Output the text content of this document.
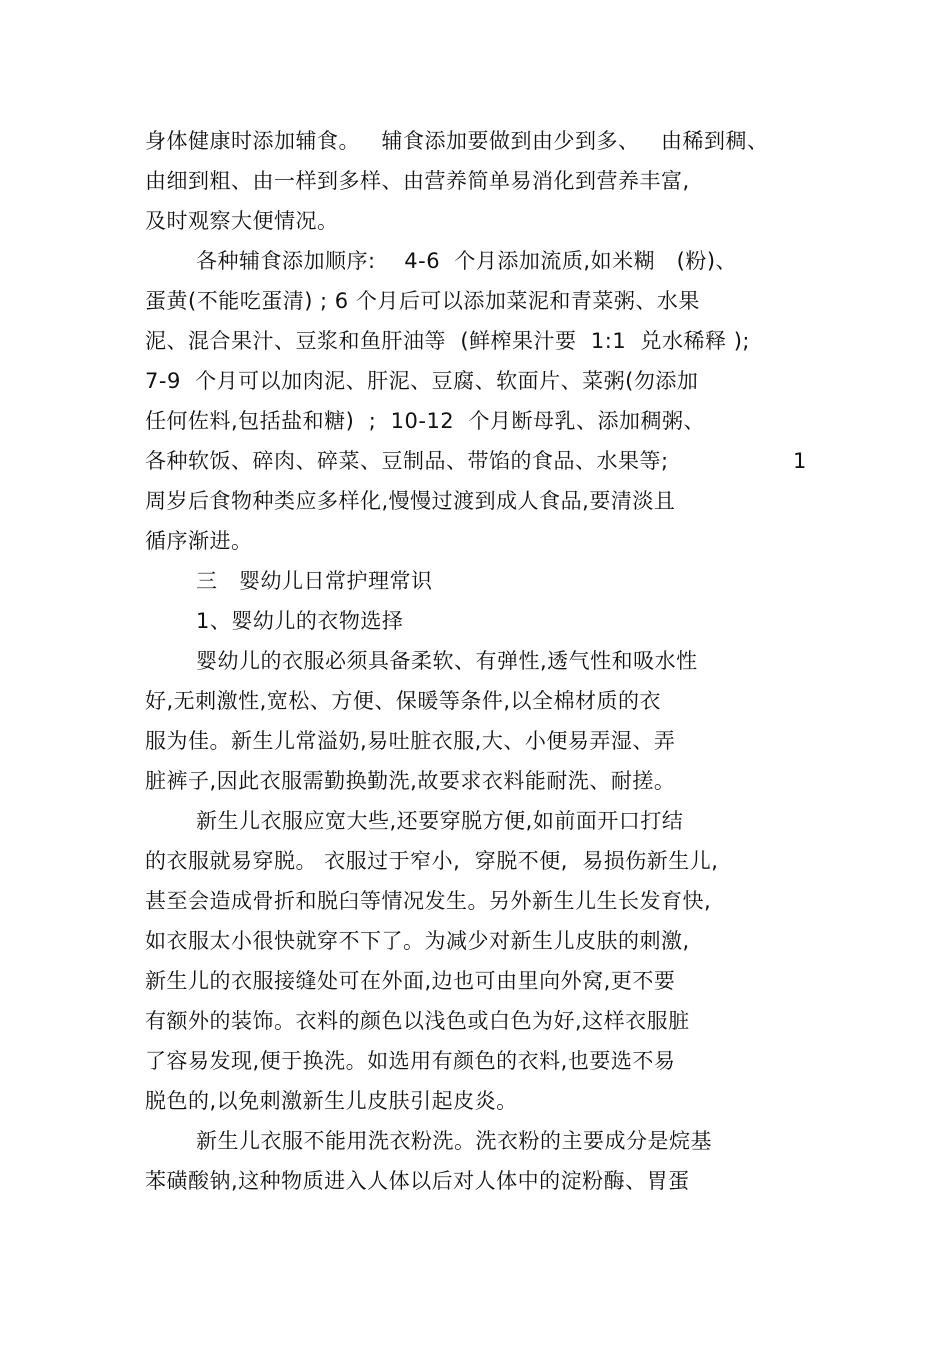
身体健康时添加辅食。   辅食添加要做到由少到多、   由稀到稠、
由细到粗、由一样到多样、由营养简单易消化到营养丰富,
及时观察大便情况。
各种辅食添加顺序:    4-6  个月添加流质,如米糊   (粉)、
蛋黄(不能吃蛋清) ; 6 个月后可以添加菜泥和青菜粥、水果
泥、混合果汁、豆浆和鱼肝油等  (鲜榨果汁要  1:1  兑水稀释 );
7-9  个月可以加肉泥、肝泥、豆腐、软面片、菜粥(勿添加
任何佐料,包括盐和糖)  ;  10-12  个月断母乳、添加稠粥、
各种软饭、碎肉、碎菜、豆制品、带馅的食品、水果等;	1
周岁后食物种类应多样化,慢慢过渡到成人食品,要清淡且
循序渐进。
三   婴幼儿日常护理常识
1、婴幼儿的衣物选择
婴幼儿的衣服必须具备柔软、有弹性,透气性和吸水性
好,无刺激性,宽松、方便、保暖等条件,以全棉材质的衣
服为佳。新生儿常溢奶,易吐脏衣服,大、小便易弄湿、弄
脏裤子,因此衣服需勤换勤洗,故要求衣料能耐洗、耐搓。
新生儿衣服应宽大些,还要穿脱方便,如前面开口打结
的衣服就易穿脱。 衣服过于窄小,  穿脱不便,  易损伤新生儿,
甚至会造成骨折和脱臼等情况发生。另外新生儿生长发育快,
如衣服太小很快就穿不下了。为减少对新生儿皮肤的刺激,
新生儿的衣服接缝处可在外面,边也可由里向外窝,更不要
有额外的装饰。衣料的颜色以浅色或白色为好,这样衣服脏
了容易发现,便于换洗。如选用有颜色的衣料,也要选不易
脱色的,以免刺激新生儿皮肤引起皮炎。
新生儿衣服不能用洗衣粉洗。洗衣粉的主要成分是烷基
苯磺酸钠,这种物质进入人体以后对人体中的淀粉酶、胃蛋
